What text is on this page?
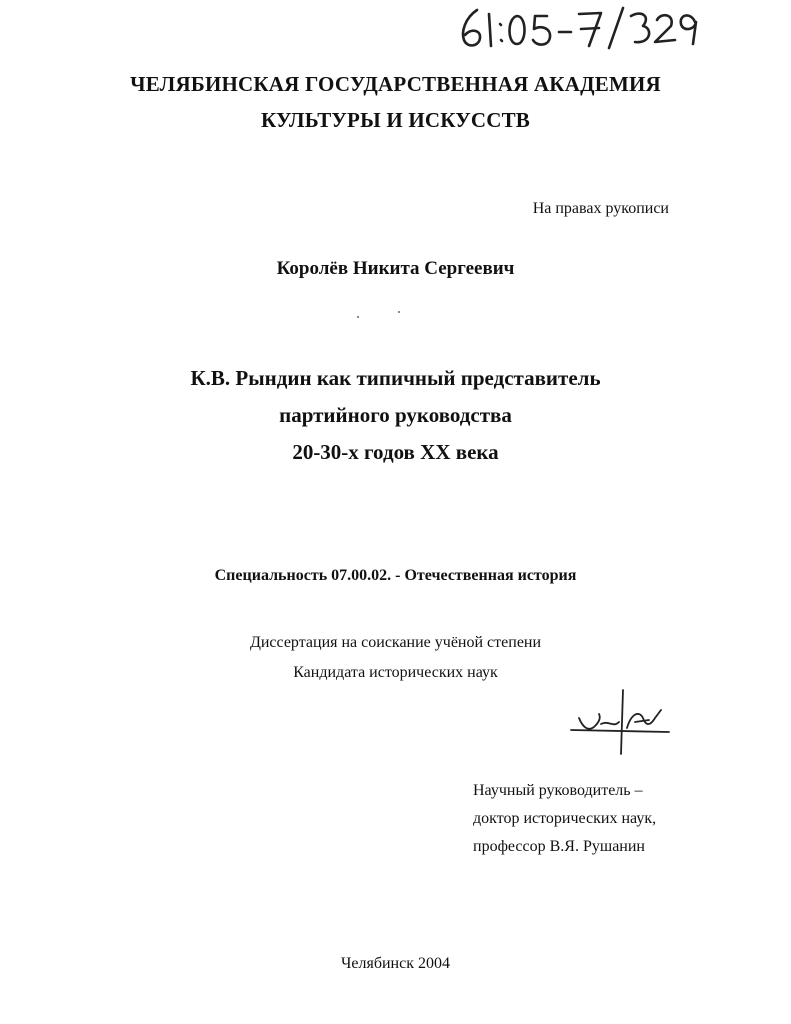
ЧЕЛЯБИНСКАЯ ГОСУДАРСТВЕННАЯ АКАДЕМИЯ
КУЛЬТУРЫ И ИСКУССТВ
На правах рукописи
Королёв Никита Сергеевич
К.В. Рындин как типичный представитель
партийного руководства
20-30-х годов XX века
Специальность 07.00.02. - Отечественная история
Диссертация на соискание учёной степени
Кандидата исторических наук
Научный руководитель –
доктор исторических наук,
профессор В.Я. Рушанин
Челябинск 2004
